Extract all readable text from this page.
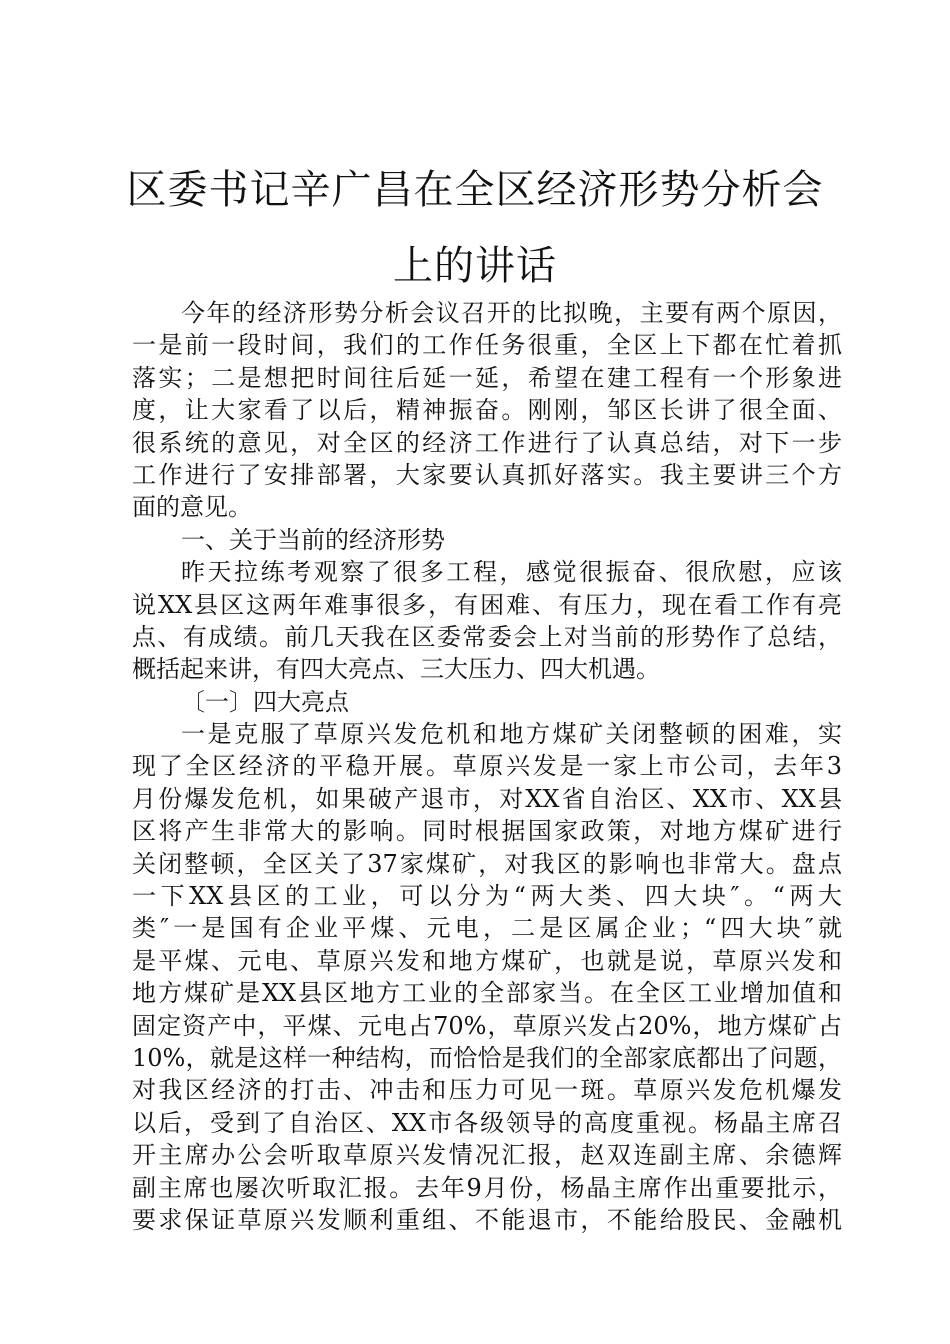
区委书记辛广昌在全区经济形势分析会上的讲话
今年的经济形势分析会议召开的比拟晚，主要有两个原因，
一是前一段时间，我们的工作任务很重，全区上下都在忙着抓
落实；二是想把时间往后延一延，希望在建工程有一个形象进
度，让大家看了以后，精神振奋。刚刚，邹区长讲了很全面、
很系统的意见，对全区的经济工作进行了认真总结，对下一步
工作进行了安排部署，大家要认真抓好落实。我主要讲三个方
面的意见。
一、关于当前的经济形势
昨天拉练考观察了很多工程，感觉很振奋、很欣慰，应该
说XX县区这两年难事很多，有困难、有压力，现在看工作有亮
点、有成绩。前几天我在区委常委会上对当前的形势作了总结，
概括起来讲，有四大亮点、三大压力、四大机遇。
〔一〕四大亮点
一是克服了草原兴发危机和地方煤矿关闭整顿的困难，实
现了全区经济的平稳开展。草原兴发是一家上市公司，去年3
月份爆发危机，如果破产退市，对XX省自治区、XX市、XX县
区将产生非常大的影响。同时根据国家政策，对地方煤矿进行
关闭整顿，全区关了37家煤矿，对我区的影响也非常大。盘点
一下XX县区的工业，可以分为“两大类、四大块″。“两大
类″一是国有企业平煤、元电，二是区属企业；“四大块″就
是平煤、元电、草原兴发和地方煤矿，也就是说，草原兴发和
地方煤矿是XX县区地方工业的全部家当。在全区工业增加值和
固定资产中，平煤、元电占70%，草原兴发占20%，地方煤矿占
10%，就是这样一种结构，而恰恰是我们的全部家底都出了问题，
对我区经济的打击、冲击和压力可见一斑。草原兴发危机爆发
以后，受到了自治区、XX市各级领导的高度重视。杨晶主席召
开主席办公会听取草原兴发情况汇报，赵双连副主席、余德辉
副主席也屡次听取汇报。去年9月份，杨晶主席作出重要批示，
要求保证草原兴发顺利重组、不能退市，不能给股民、金融机
